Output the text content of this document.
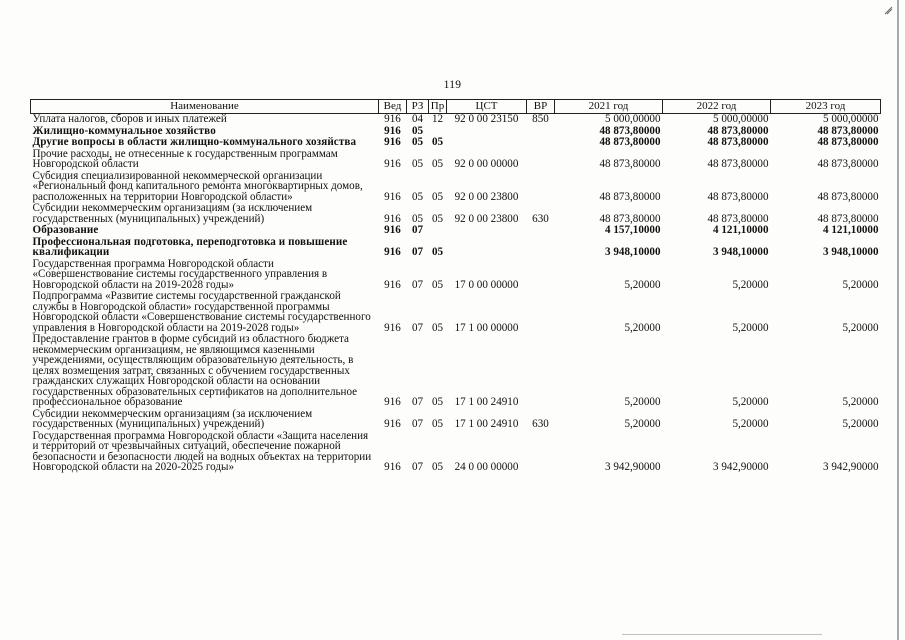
119
Наименование	Вед	РЗ	Пр	ЦСТ	ВР	2021 год	2022 год	2023 год
Уплата налогов, сборов и иных платежей	916	04	12	92 0 00 23150	850	5 000,00000	5 000,00000	5 000,00000
Жилищно-коммунальное хозяйство	916	05				48 873,80000	48 873,80000	48 873,80000
Другие вопросы в области жилищно-коммунального хозяйства	916	05	05			48 873,80000	48 873,80000	48 873,80000
Прочие расходы, не отнесенные к государственным программам Новгородской области	916	05	05	92 0 00 00000		48 873,80000	48 873,80000	48 873,80000
Субсидия специализированной некоммерческой организации «Региональный фонд капитального ремонта многоквартирных домов, расположенных на территории Новгородской области»	916	05	05	92 0 00 23800		48 873,80000	48 873,80000	48 873,80000
Субсидии некоммерческим организациям (за исключением государственных (муниципальных) учреждений)	916	05	05	92 0 00 23800	630	48 873,80000	48 873,80000	48 873,80000
Образование	916	07				4 157,10000	4 121,10000	4 121,10000
Профессиональная подготовка, переподготовка и повышение квалификации	916	07	05			3 948,10000	3 948,10000	3 948,10000
Государственная программа Новгородской области «Совершенствование системы государственного управления в Новгородской области на 2019-2028 годы»	916	07	05	17 0 00 00000		5,20000	5,20000	5,20000
Подпрограмма «Развитие системы государственной гражданской службы в Новгородской области» государственной программы Новгородской области «Совершенствование системы государственного управления в Новгородской области на 2019-2028 годы»	916	07	05	17 1 00 00000		5,20000	5,20000	5,20000
Предоставление грантов в форме субсидий из областного бюджета некоммерческим организациям, не являющимся казенными учреждениями, осуществляющим образовательную деятельность, в целях возмещения затрат, связанных с обучением государственных гражданских служащих Новгородской области на основании государственных образовательных сертификатов на дополнительное профессиональное образование	916	07	05	17 1 00 24910		5,20000	5,20000	5,20000
Субсидии некоммерческим организациям (за исключением государственных (муниципальных) учреждений)	916	07	05	17 1 00 24910	630	5,20000	5,20000	5,20000
Государственная программа Новгородской области «Защита населения и территорий от чрезвычайных ситуаций, обеспечение пожарной безопасности и безопасности людей на водных объектах на территории Новгородской области на 2020-2025 годы»	916	07	05	24 0 00 00000		3 942,90000	3 942,90000	3 942,90000
